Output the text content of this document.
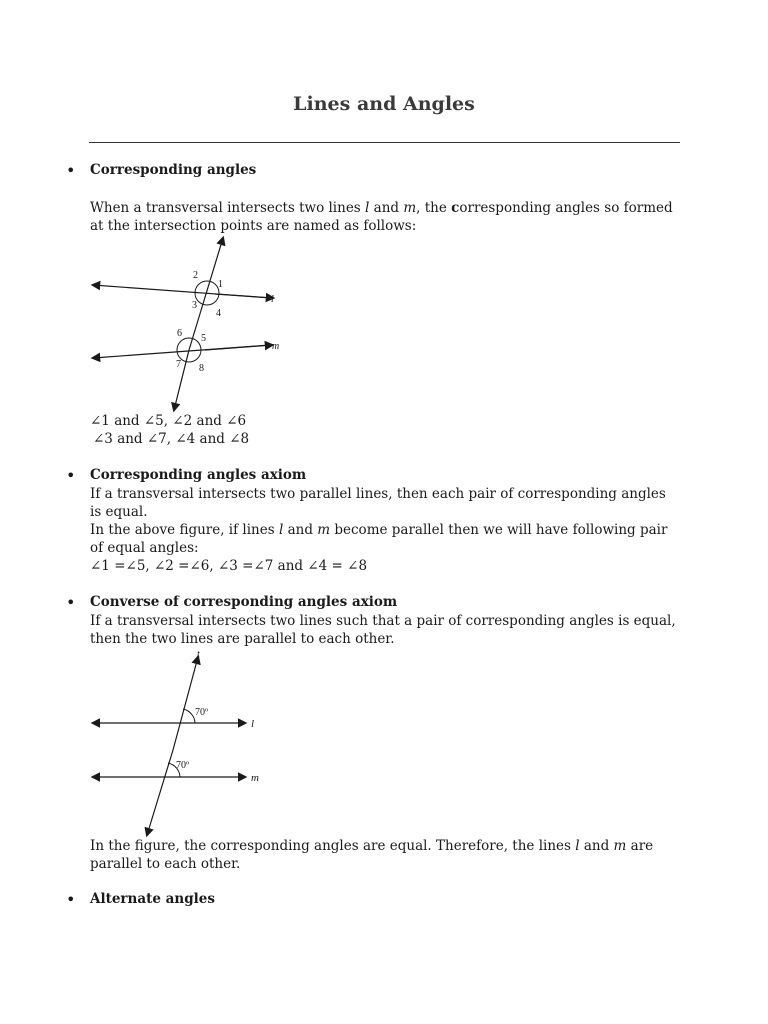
Lines and Angles
• Corresponding angles
When a transversal intersects two lines l and m, the corresponding angles so formed at the intersection points are named as follows:
1
2
3
4
5
6
7 8
l
m
∠1 and ∠5, ∠2 and ∠6
∠3 and ∠7, ∠4 and ∠8
• Corresponding angles axiom
If a transversal intersects two parallel lines, then each pair of corresponding angles is equal.
In the above figure, if lines l and m become parallel then we will have following pair of equal angles:
∠1 =∠5, ∠2 =∠6, ∠3 =∠7 and ∠4 = ∠8
• Converse of corresponding angles axiom
If a transversal intersects two lines such that a pair of corresponding angles is equal, then the two lines are parallel to each other.
70º
70º
t
l
m
In the figure, the corresponding angles are equal. Therefore, the lines l and m are parallel to each other.
• Alternate angles
